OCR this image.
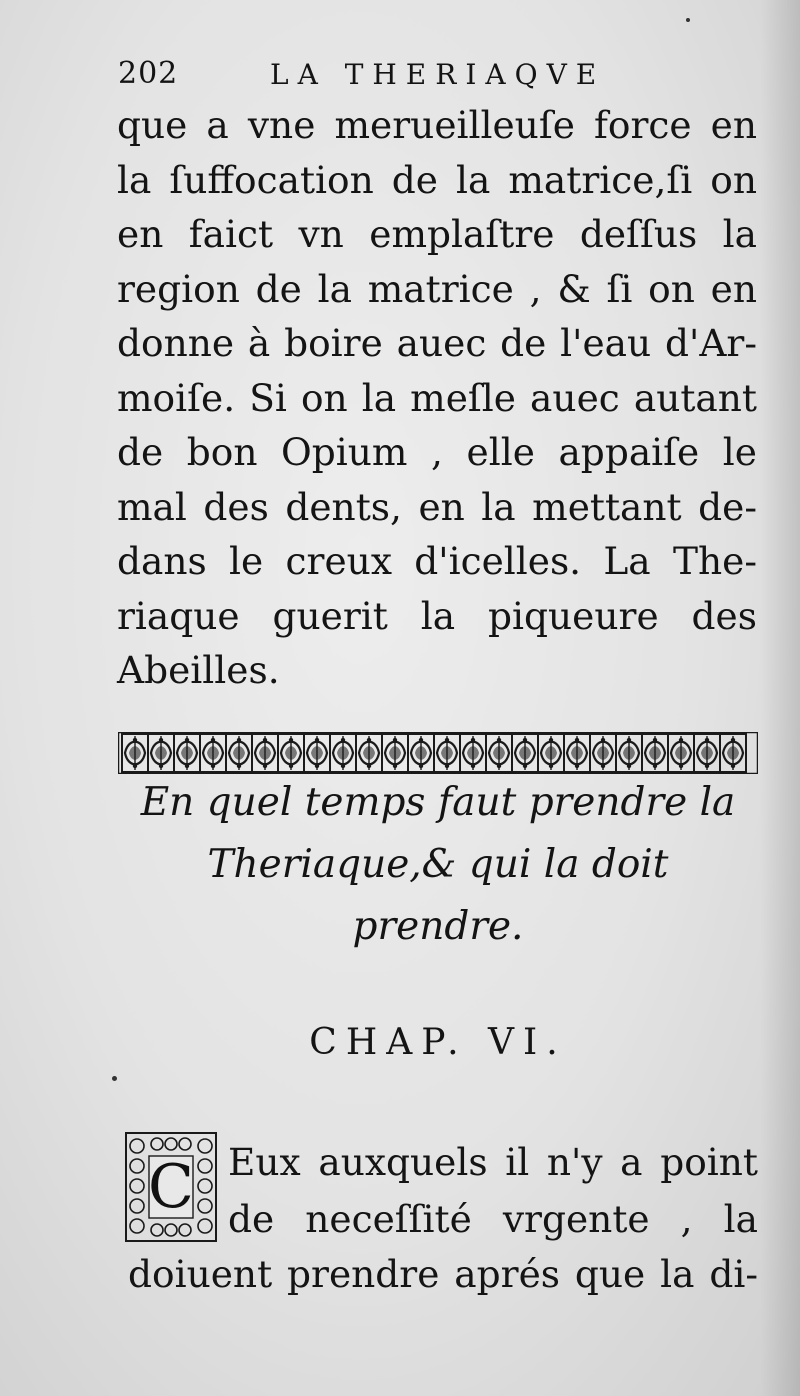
202	LA THERIAQVE
que a vne merueilleuſe force en
la ſuffocation de la matrice,ſi on
en faict vn emplaſtre deſſus la
region de la matrice , & ſi on en
donne à boire auec de l'eau d'Ar-
moiſe. Si on la meſle auec autant
de bon Opium , elle appaiſe le
mal des dents, en la mettant de-
dans le creux d'icelles. La The-
riaque guerit la piqueure des
Abeilles.
En quel temps faut prendre la
Theriaque,& qui la doit
prendre.
CHAP. VI.
C Eux auxquels il n'y a point
de neceſſité vrgente , la
doiuent prendre aprés que la di-
